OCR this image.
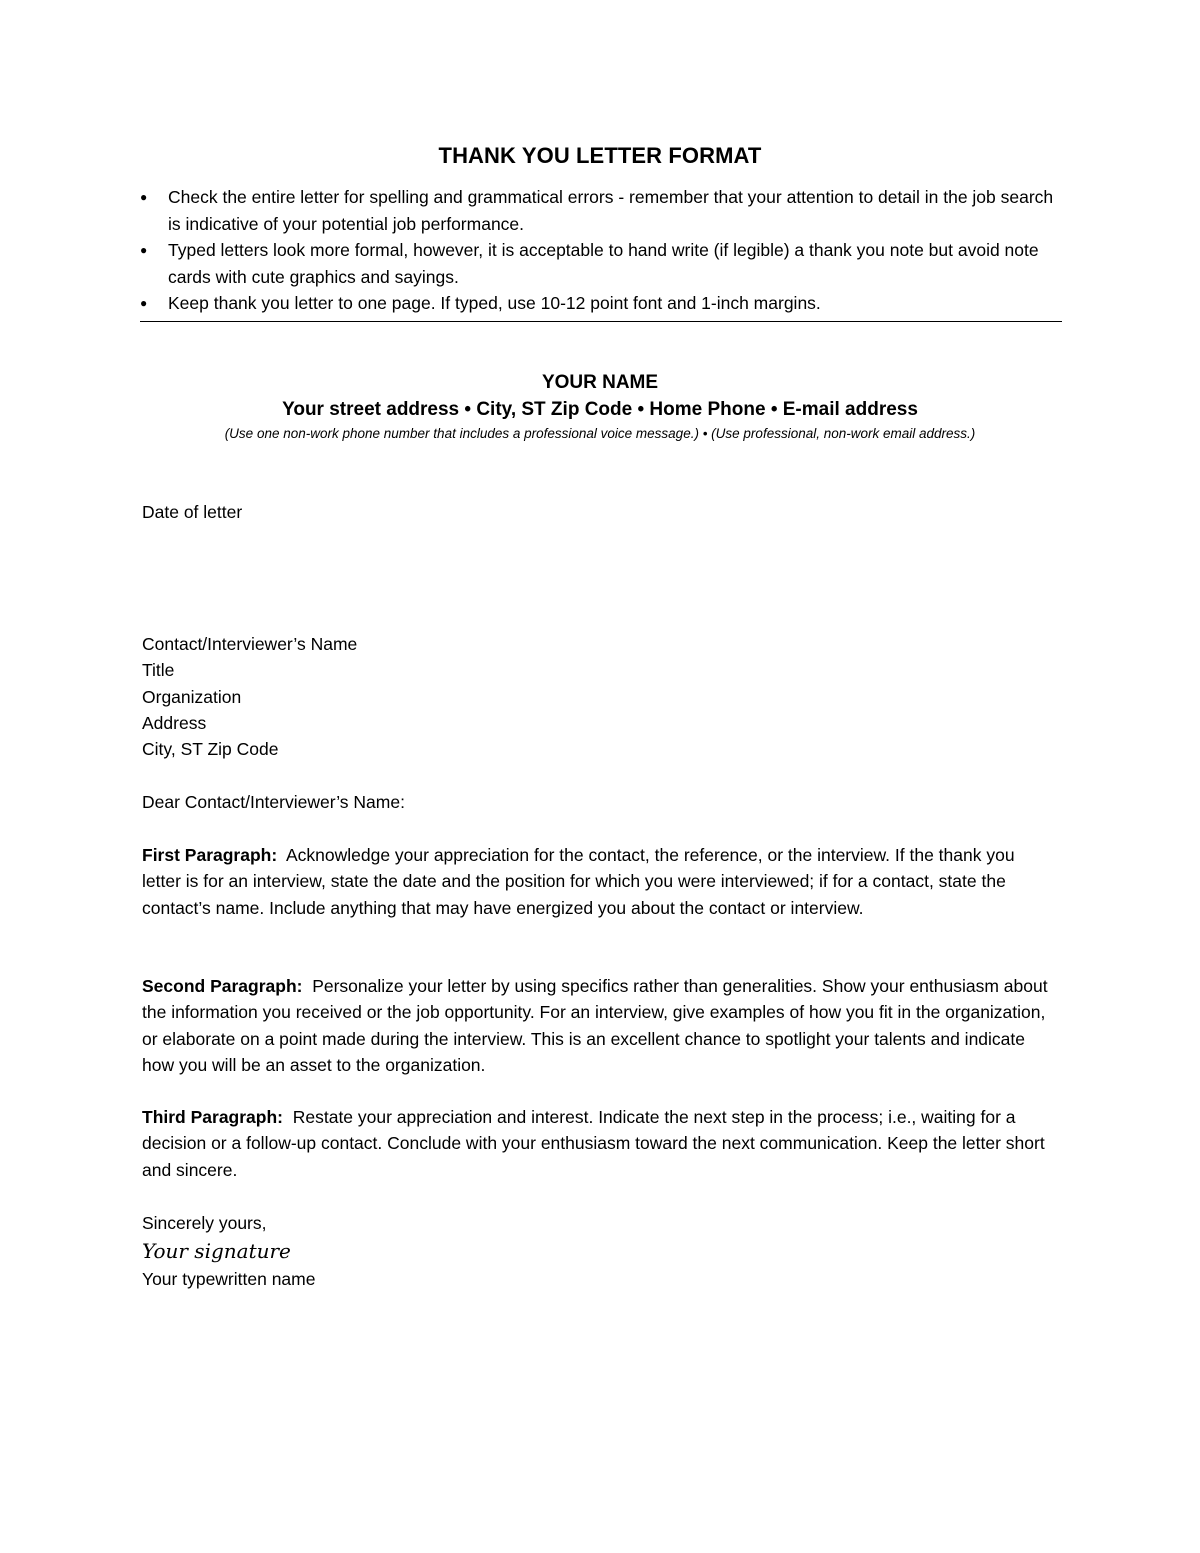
THANK YOU LETTER FORMAT
● Check the entire letter for spelling and grammatical errors - remember that your attention to detail in the job search is indicative of your potential job performance.
● Typed letters look more formal, however, it is acceptable to hand write (if legible) a thank you note but avoid note cards with cute graphics and sayings.
● Keep thank you letter to one page. If typed, use 10-12 point font and 1-inch margins.
YOUR NAME
Your street address • City, ST Zip Code • Home Phone • E-mail address
(Use one non-work phone number that includes a professional voice message.) • (Use professional, non-work email address.)
Date of letter
Contact/Interviewer’s Name
Title
Organization
Address
City, ST Zip Code
Dear Contact/Interviewer’s Name:
First Paragraph: Acknowledge your appreciation for the contact, the reference, or the interview. If the thank you letter is for an interview, state the date and the position for which you were interviewed; if for a contact, state the contact’s name. Include anything that may have energized you about the contact or interview.
Second Paragraph: Personalize your letter by using specifics rather than generalities. Show your enthusiasm about the information you received or the job opportunity. For an interview, give examples of how you fit in the organization, or elaborate on a point made during the interview. This is an excellent chance to spotlight your talents and indicate how you will be an asset to the organization.
Third Paragraph: Restate your appreciation and interest. Indicate the next step in the process; i.e., waiting for a decision or a follow-up contact. Conclude with your enthusiasm toward the next communication. Keep the letter short and sincere.
Sincerely yours,
Your signature
Your typewritten name
